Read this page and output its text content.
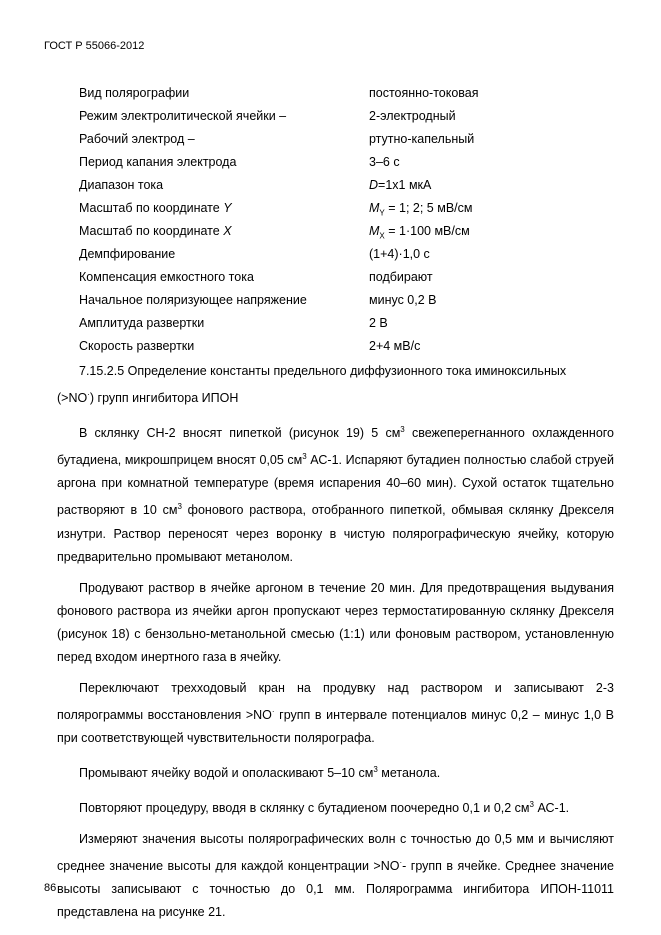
ГОСТ Р 55066-2012
Вид полярографии	постоянно-токовая
Режим электролитической ячейки –	2-электродный
Рабочий электрод –	ртутно-капельный
Период капания электрода	3–6 с
Диапазон тока	D=1x1 мкА
Масштаб по координате Y	$M_Y = 1$; 2; 5 мВ/см
Масштаб по координате X	$M_X = 1\cdot 100$ мВ/см
Демпфирование	(1+4)·1,0 с
Компенсация емкостного тока	подбирают
Начальное поляризующее напряжение	минус 0,2 В
Амплитуда развертки	2 В
Скорость развертки	2+4 мВ/с

7.15.2.5 Определение константы предельного диффузионного тока иминоксильных

(>NO·) групп ингибитора ИПОН

В склянку СН-2 вносят пипеткой (рисунок 19) 5 $см^3$ свежеперегнанного охлажденного бутадиена, микрошприцем вносят 0,05 $см^3$ АС-1. Испаряют бутадиен полностью слабой струей аргона при комнатной температуре (время испарения 40–60 мин). Сухой остаток тщательно растворяют в 10 $см^3$ фонового раствора, отобранного пипеткой, обмывая склянку Дрекселя изнутри. Раствор переносят через воронку в чистую полярографическую ячейку, которую предварительно промывают метанолом.

Продувают раствор в ячейке аргоном в течение 20 мин. Для предотвращения выдувания фонового раствора из ячейки аргон пропускают через термостатированную склянку Дрекселя (рисунок 18) с бензольно-метанольной смесью (1:1) или фоновым раствором, установленную перед входом инертного газа в ячейку.

Переключают трехходовый кран на продувку над раствором и записывают 2-3 полярограммы восстановления >NO· групп в интервале потенциалов минус 0,2 – минус 1,0 В при соответствующей чувствительности полярографа.

Промывают ячейку водой и ополаскивают 5–10 $см^3$ метанола.

Повторяют процедуру, вводя в склянку с бутадиеном поочередно 0,1 и 0,2 $см^3$ АС-1.

Измеряют значения высоты полярографических волн с точностью до 0,5 мм и вычисляют среднее значение высоты для каждой концентрации >NO·- групп в ячейке. Среднее значение высоты записывают с точностью до 0,1 мм. Полярограмма ингибитора ИПОН-11011 представлена на рисунке 21.

86
